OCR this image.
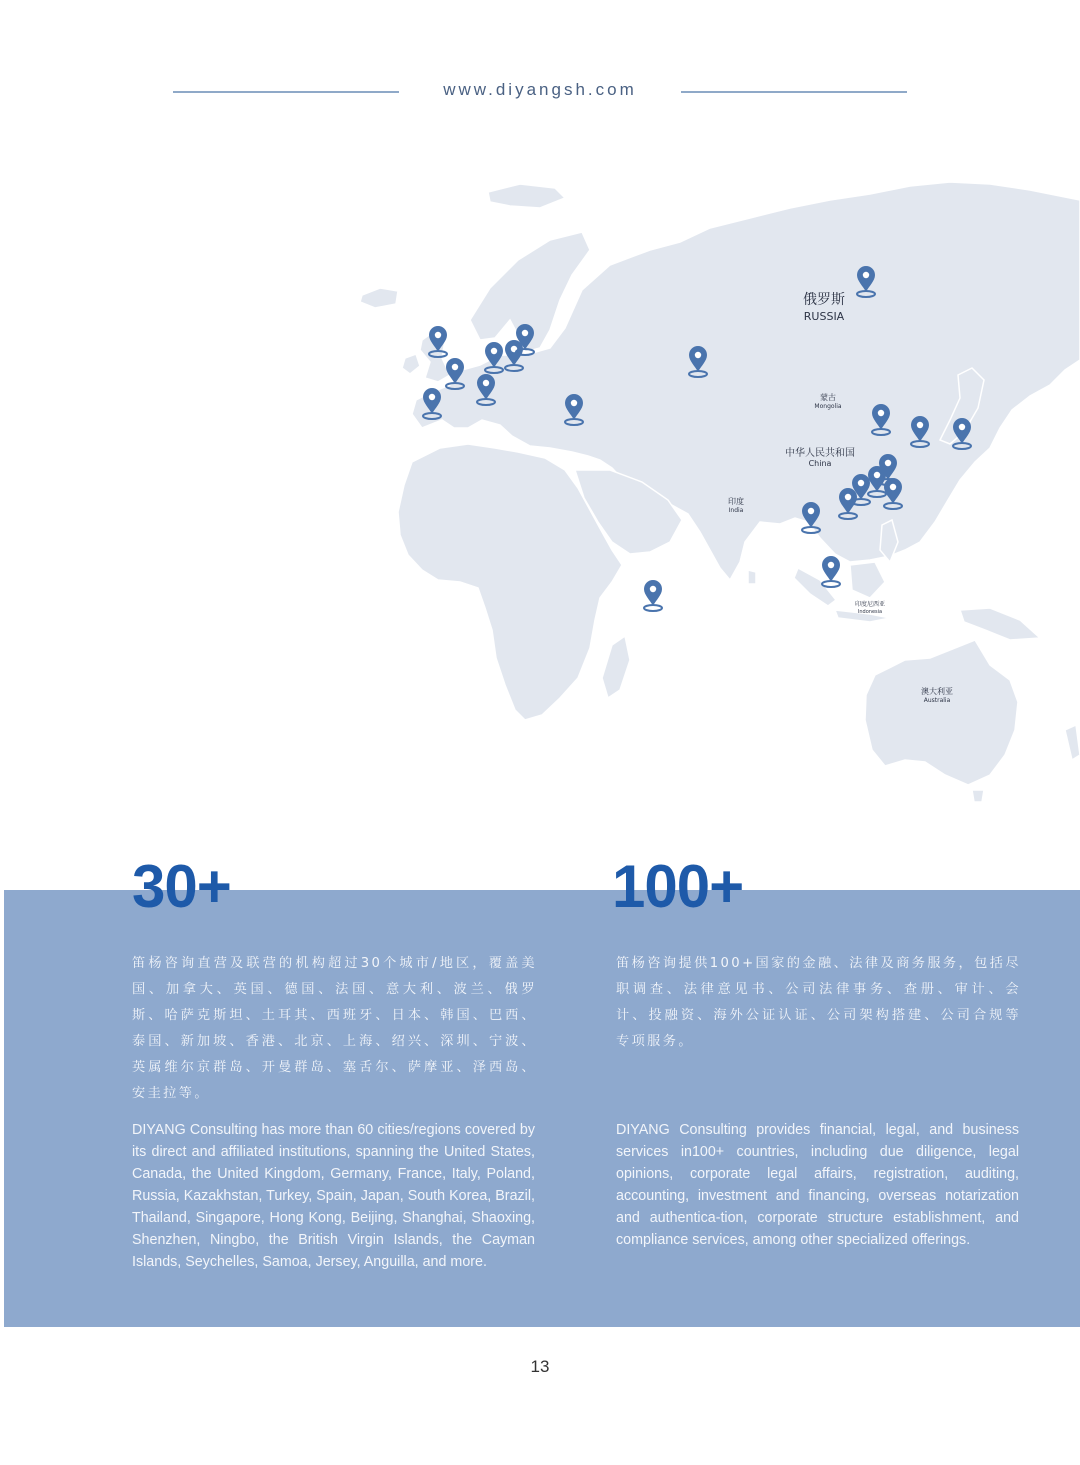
www.diyangsh.com
俄罗斯
RUSSIA
蒙古
Mongolia
中华人民共和国
China
印度
India
印度尼西亚
Indonesia
澳大利亚
Australia
30+
笛杨咨询直营及联营的机构超过30个城市/地区，覆盖美国、加拿大、英国、德国、法国、意大利、波兰、俄罗斯、哈萨克斯坦、土耳其、西班牙、日本、韩国、巴西、泰国、新加坡、香港、北京、上海、绍兴、深圳、宁波、英属维尔京群岛、开曼群岛、塞舌尔、萨摩亚、泽西岛、安圭拉等。
DIYANG Consulting has more than 60 cities/regions covered by its direct and affiliated institutions, spanning the United States, Canada, the United Kingdom, Germany, France, Italy, Poland, Russia, Kazakhstan, Turkey, Spain, Japan, South Korea, Brazil, Thailand, Singapore, Hong Kong, Beijing, Shanghai, Shaoxing, Shenzhen, Ningbo, the British Virgin Islands, the Cayman Islands, Seychelles, Samoa, Jersey, Anguilla, and more.
100+
笛杨咨询提供100+国家的金融、法律及商务服务，包括尽职调查、法律意见书、公司法律事务、查册、审计、会计、投融资、海外公证认证、公司架构搭建、公司合规等专项服务。
DIYANG Consulting provides financial, legal, and business services in100+ countries, including due diligence, legal opinions, corporate legal affairs, registration, auditing, accounting, investment and financing, overseas notarization and authentica-tion, corporate structure establishment, and compliance services, among other specialized offerings.
13
